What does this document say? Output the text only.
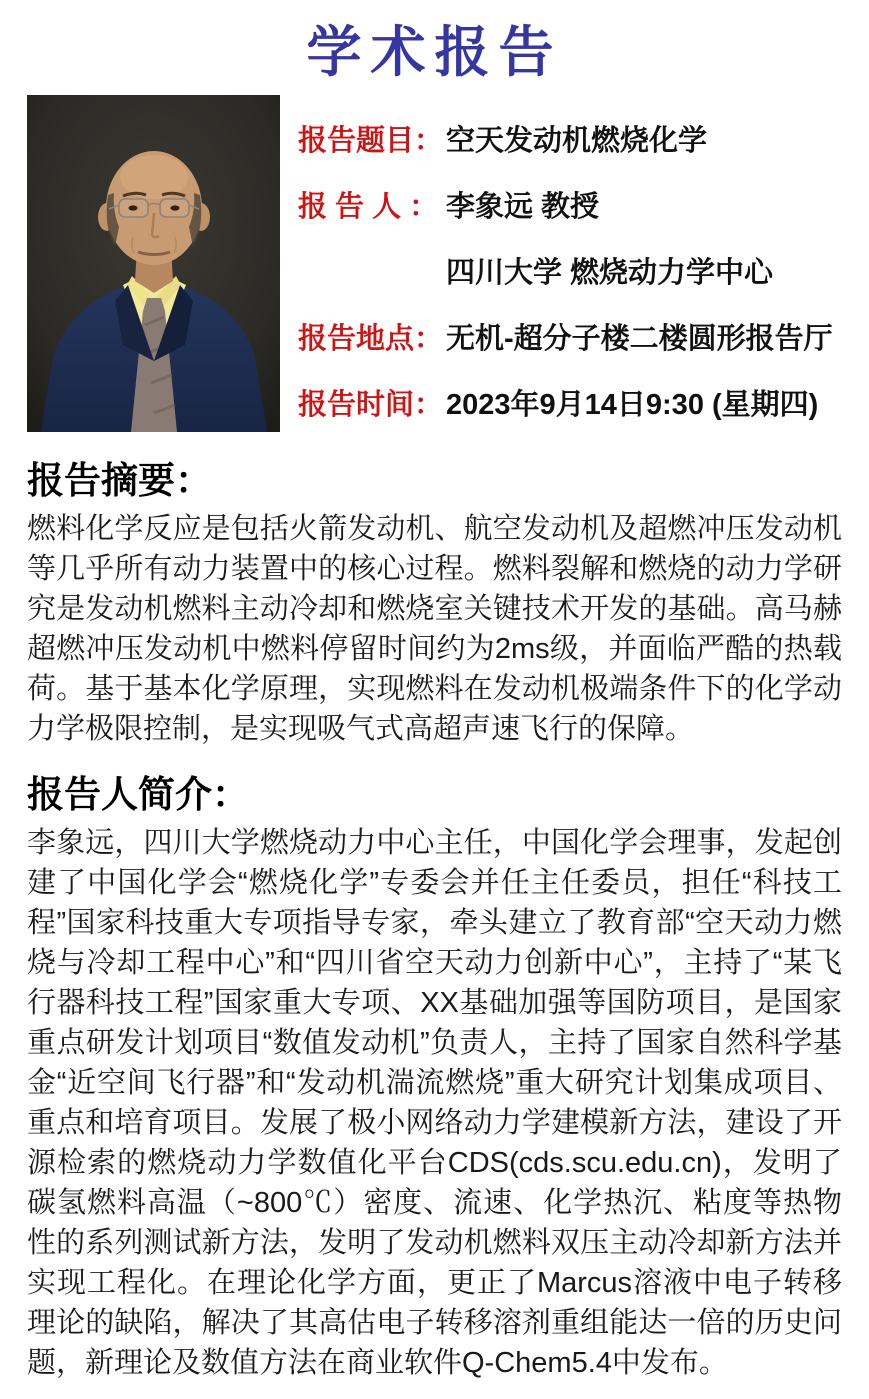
学术报告
报告题目： 空天发动机燃烧化学
报 告 人 ： 李象远 教授
四川大学 燃烧动力学中心
报告地点： 无机-超分子楼二楼圆形报告厅
报告时间： 2023年9月14日9:30 (星期四)
报告摘要：

燃料化学反应是包括火箭发动机、航空发动机及超燃冲压发动机等几乎所有动力装置中的核心过程。燃料裂解和燃烧的动力学研究是发动机燃料主动冷却和燃烧室关键技术开发的基础。高马赫超燃冲压发动机中燃料停留时间约为2ms级，并面临严酷的热载荷。基于基本化学原理，实现燃料在发动机极端条件下的化学动力学极限控制，是实现吸气式高超声速飞行的保障。

报告人简介：

李象远，四川大学燃烧动力中心主任，中国化学会理事，发起创建了中国化学会“燃烧化学”专委会并任主任委员，担任“科技工程”国家科技重大专项指导专家，牵头建立了教育部“空天动力燃烧与冷却工程中心”和“四川省空天动力创新中心”，主持了“某飞行器科技工程”国家重大专项、XX基础加强等国防项目，是国家重点研发计划项目“数值发动机”负责人，主持了国家自然科学基金“近空间飞行器”和“发动机湍流燃烧”重大研究计划集成项目、重点和培育项目。发展了极小网络动力学建模新方法，建设了开源检索的燃烧动力学数值化平台CDS(cds.scu.edu.cn)，发明了碳氢燃料高温（~800℃）密度、流速、化学热沉、粘度等热物性的系列测试新方法，发明了发动机燃料双压主动冷却新方法并实现工程化。在理论化学方面，更正了Marcus溶液中电子转移理论的缺陷，解决了其高估电子转移溶剂重组能达一倍的历史问题，新理论及数值方法在商业软件Q-Chem5.4中发布。
